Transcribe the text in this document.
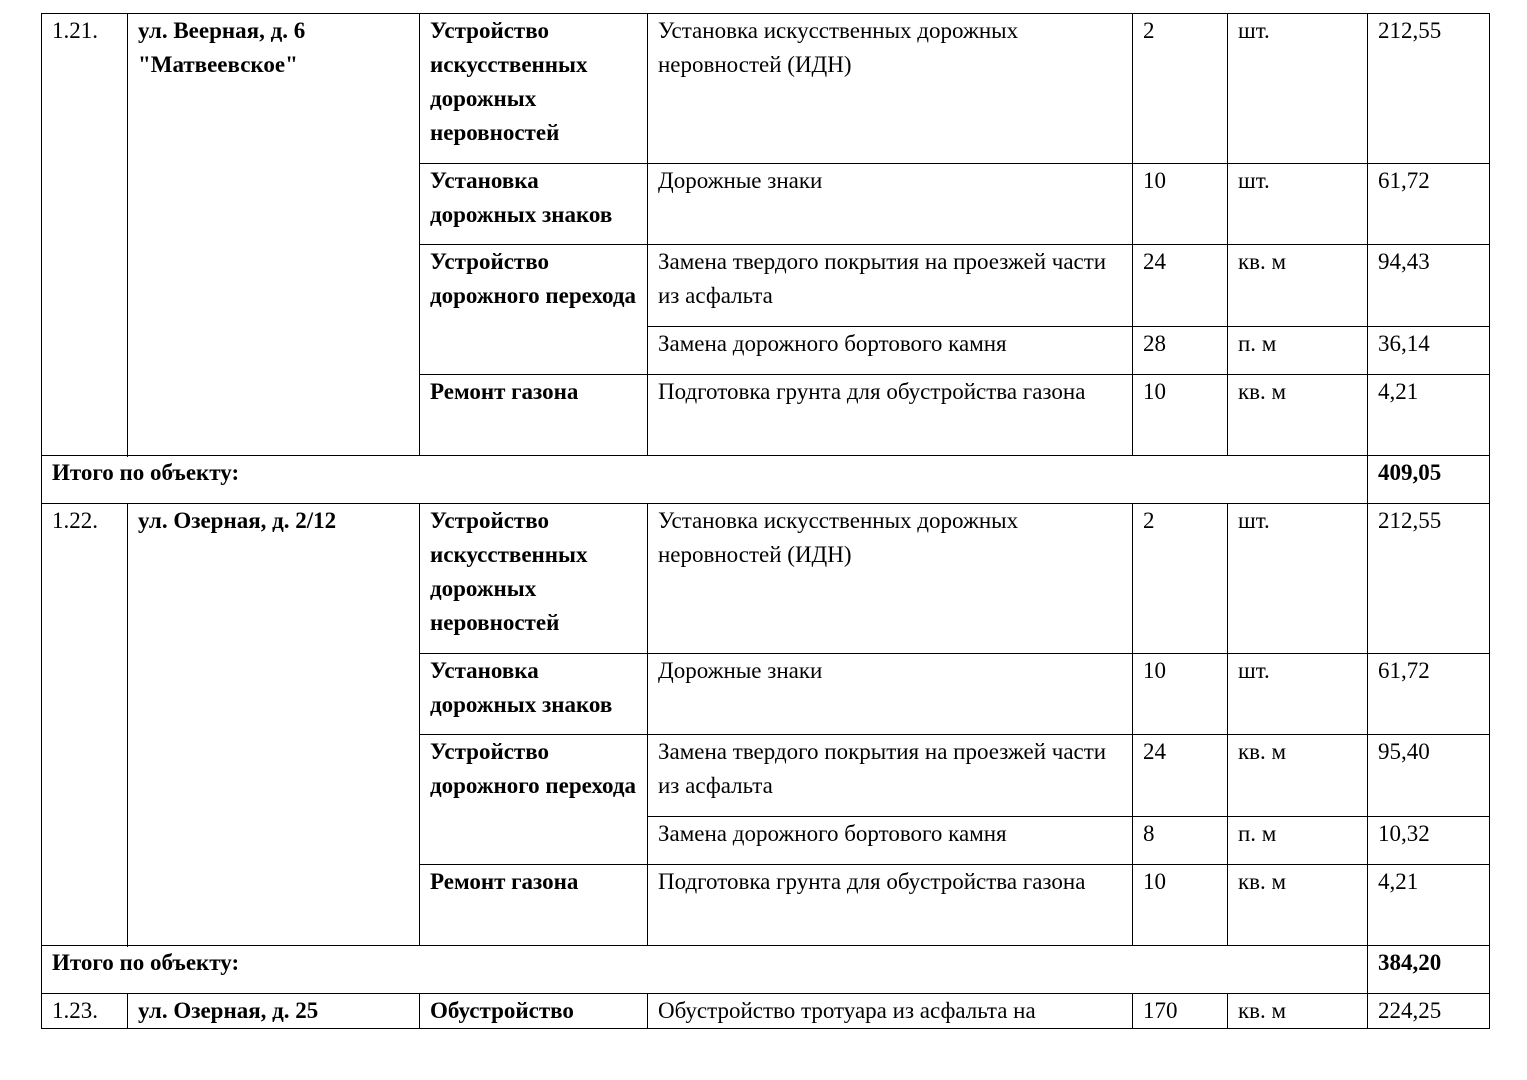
1.21.	ул. Веерная, д. 6 "Матвеевское"	Устройство искусственных дорожных неровностей	Установка искусственных дорожных неровностей (ИДН)	2	шт.	212,55
		Установка дорожных знаков	Дорожные знаки	10	шт.	61,72
		Устройство дорожного перехода	Замена твердого покрытия на проезжей части из асфальта	24	кв. м	94,43
			Замена дорожного бортового камня	28	п. м	36,14
		Ремонт газона	Подготовка грунта для обустройства газона	10	кв. м	4,21

Итого по объекту:						409,05
1.22.	ул. Озерная, д. 2/12	Устройство искусственных дорожных неровностей	Установка искусственных дорожных неровностей (ИДН)	2	шт.	212,55
		Установка дорожных знаков	Дорожные знаки	10	шт.	61,72
		Устройство дорожного перехода	Замена твердого покрытия на проезжей части из асфальта	24	кв. м	95,40
			Замена дорожного бортового камня	8	п. м	10,32
		Ремонт газона	Подготовка грунта для обустройства газона	10	кв. м	4,21

Итого по объекту:						384,20
1.23.	ул. Озерная, д. 25	Обустройство	Обустройство тротуара из асфальта на	170	кв. м	224,25
